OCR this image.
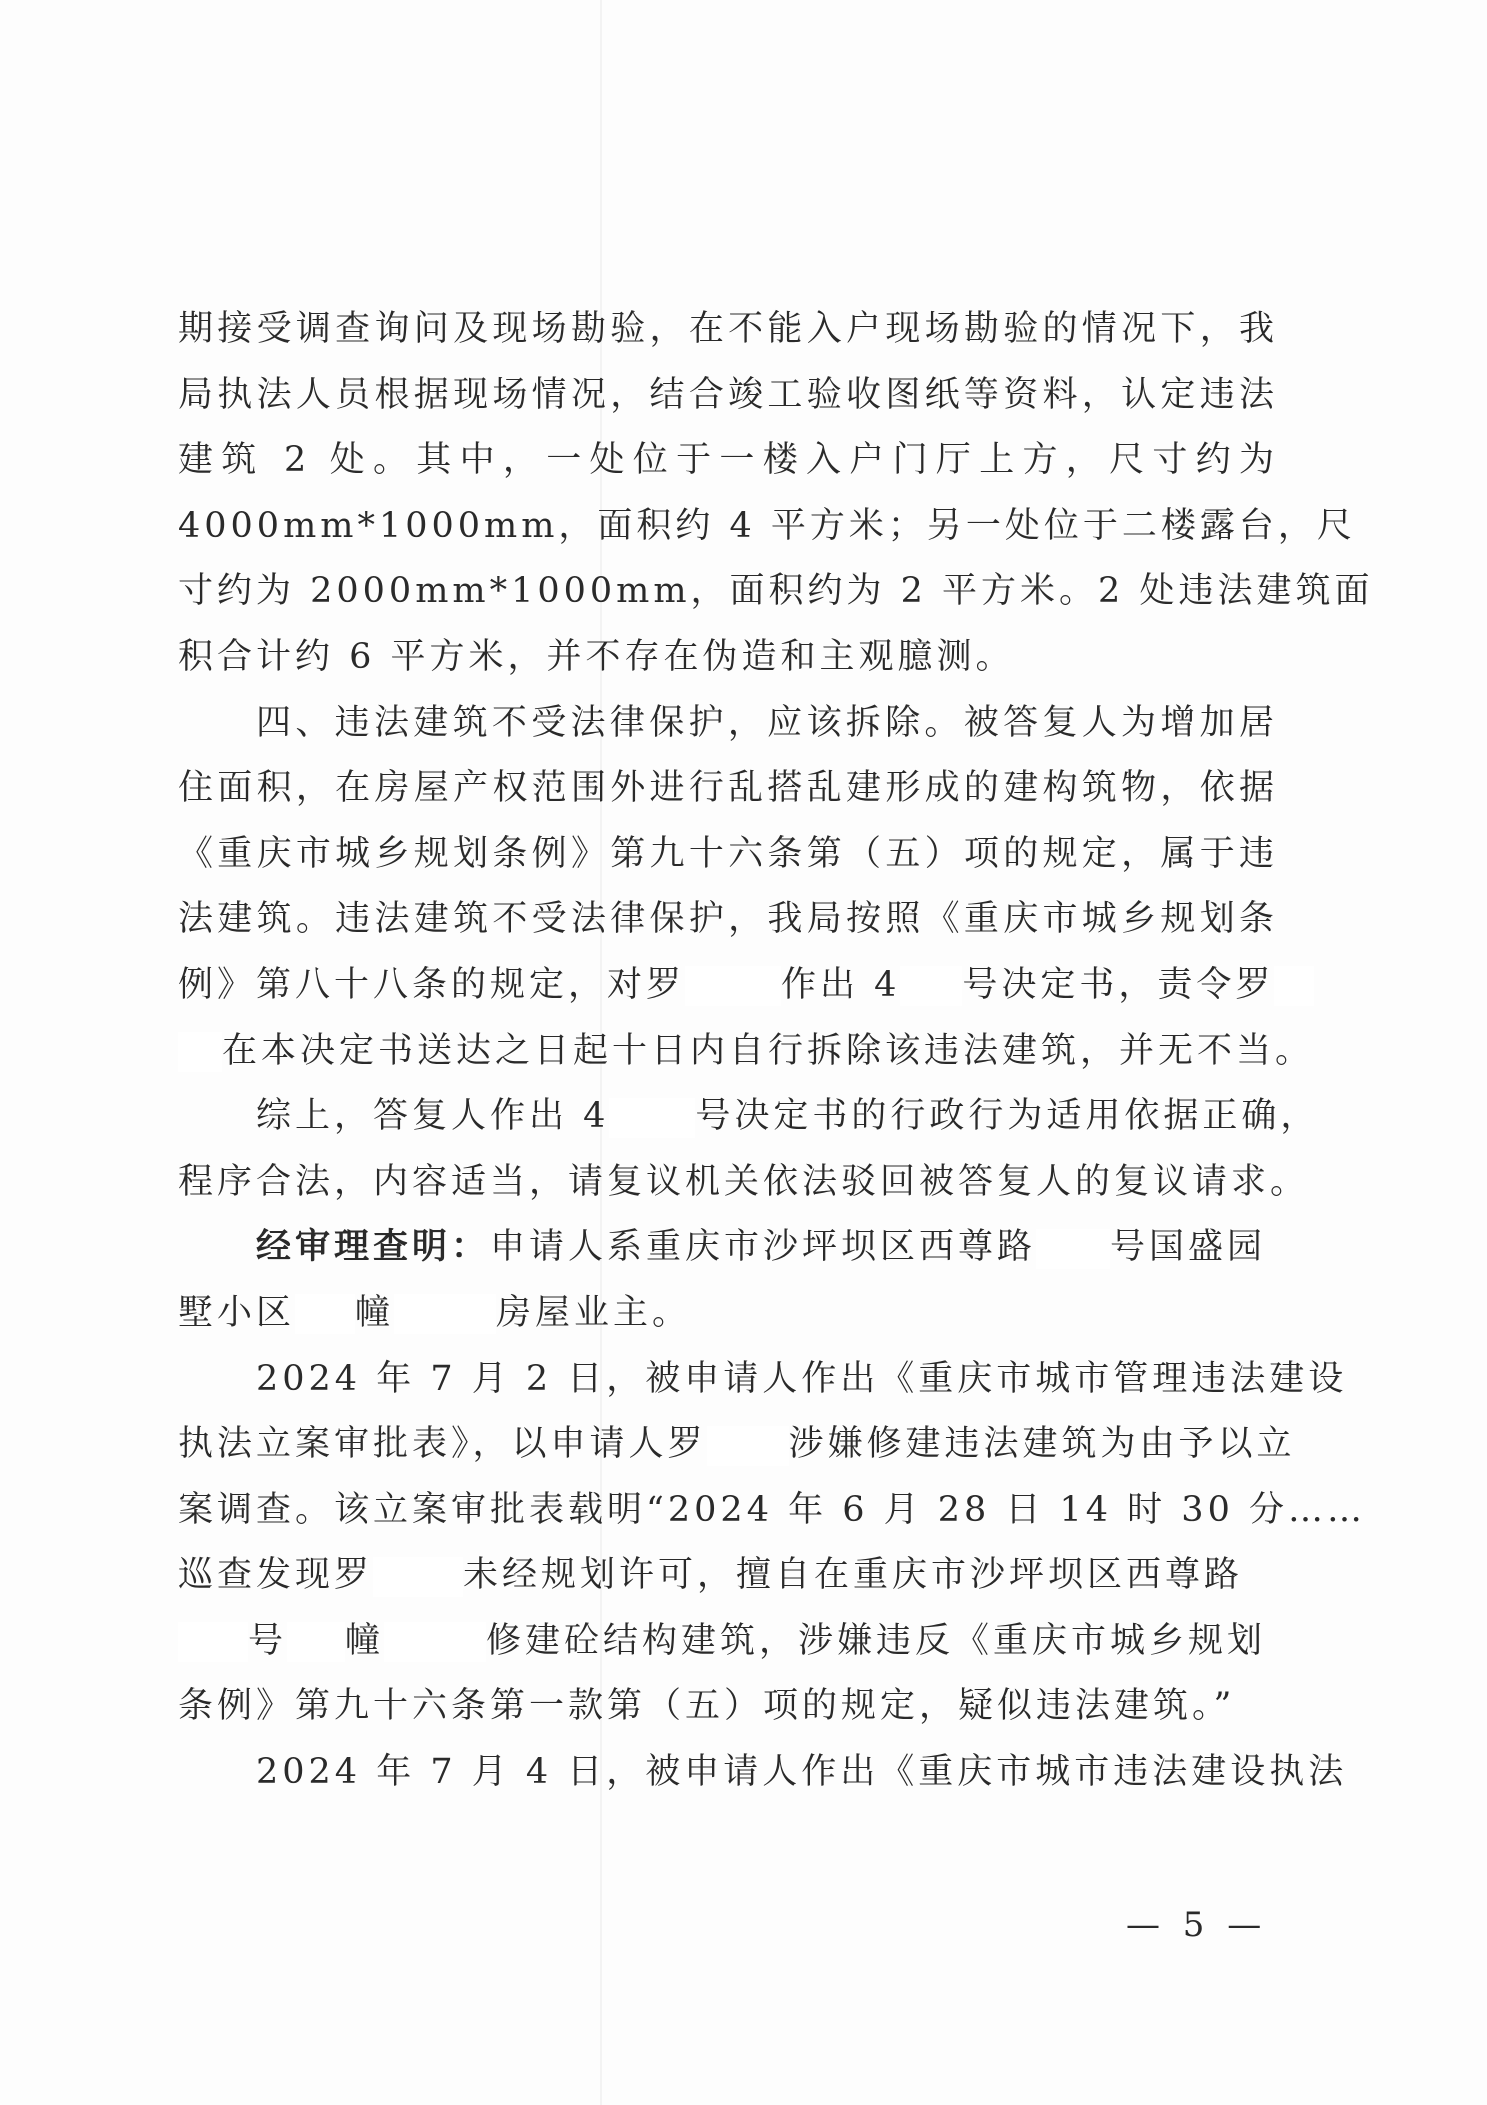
期接受调查询问及现场勘验，在不能入户现场勘验的情况下，我
局执法人员根据现场情况，结合竣工验收图纸等资料，认定违法
建筑 2 处。其中，一处位于一楼入户门厅上方，尺寸约为
4000mm*1000mm，面积约 4 平方米；另一处位于二楼露台，尺
寸约为 2000mm*1000mm，面积约为 2 平方米。2 处违法建筑面
积合计约 6 平方米，并不存在伪造和主观臆测。
四、违法建筑不受法律保护，应该拆除。被答复人为增加居
住面积，在房屋产权范围外进行乱搭乱建形成的建构筑物，依据
《重庆市城乡规划条例》第九十六条第（五）项的规定，属于违
法建筑。违法建筑不受法律保护，我局按照《重庆市城乡规划条
例》第八十八条的规定，对罗	作出 4 号决定书，责令罗
在本决定书送达之日起十日内自行拆除该违法建筑，并无不当。
综上，答复人作出 4 号决定书的行政行为适用依据正确，
程序合法，内容适当，请复议机关依法驳回被答复人的复议请求。
经审理查明：申请人系重庆市沙坪坝区西尊路 号国盛园
墅小区 幢	房屋业主。
2024 年 7 月 2 日，被申请人作出《重庆市城市管理违法建设
执法立案审批表》，以申请人罗 涉嫌修建违法建筑为由予以立
案调查。该立案审批表载明“2024 年 6 月 28 日 14 时 30 分……
巡查发现罗	未经规划许可，擅自在重庆市沙坪坝区西尊路
号 幢	修建砼结构建筑，涉嫌违反《重庆市城乡规划
条例》第九十六条第一款第（五）项的规定，疑似违法建筑。”
2024 年 7 月 4 日，被申请人作出《重庆市城市违法建设执法
— 5 —
